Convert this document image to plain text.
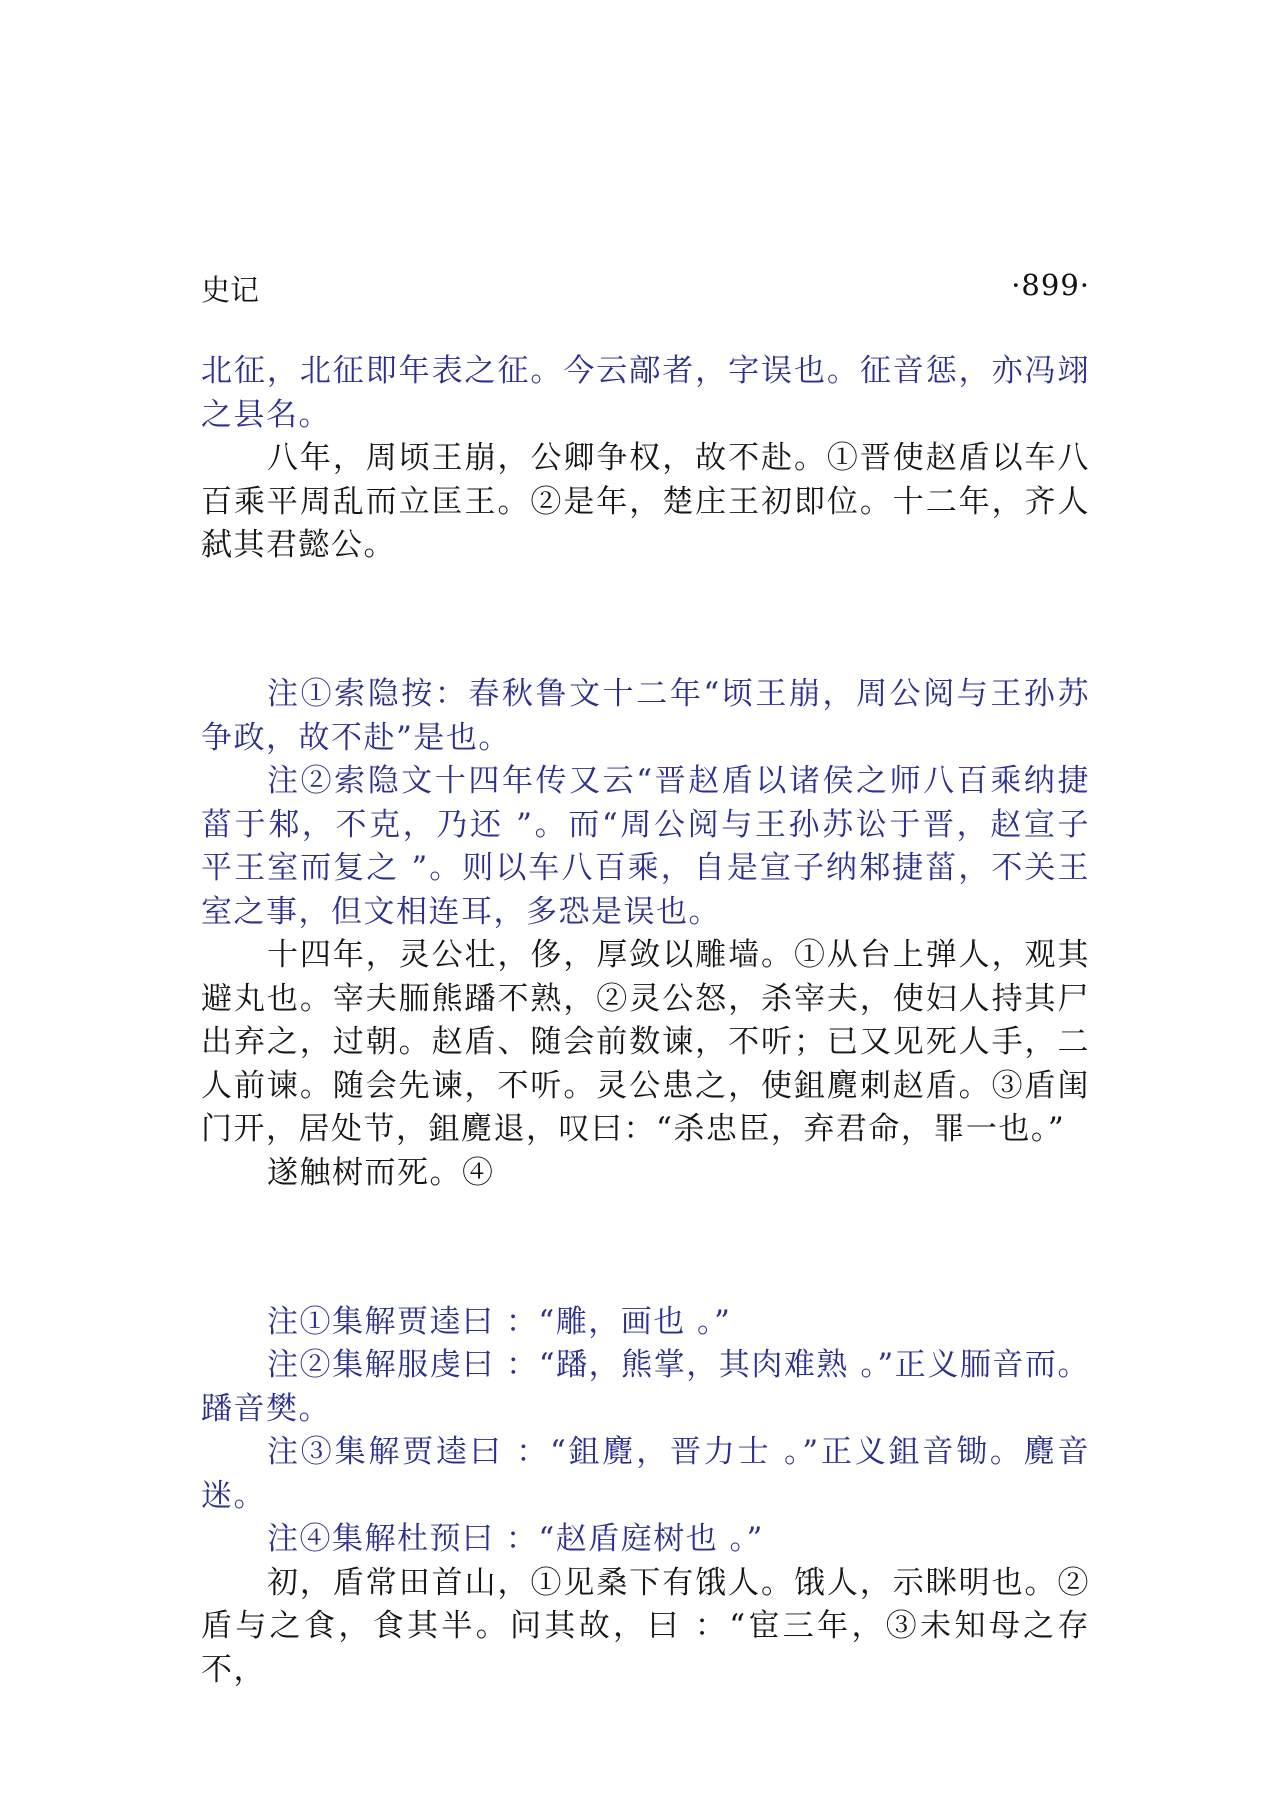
史记	·899·

北征，北征即年表之征。今云鄗者，字误也。征音惩，亦冯翊之县名。

八年，周顷王崩，公卿争权，故不赴。①晋使赵盾以车八百乘平周乱而立匡王。②是年，楚庄王初即位。十二年，齐人弑其君懿公。

注①索隐按：春秋鲁文十二年“顷王崩，周公阅与王孙苏争政，故不赴”是也。

注②索隐文十四年传又云“晋赵盾以诸侯之师八百乘纳捷菑于邾，不克，乃还 ”。而“周公阅与王孙苏讼于晋，赵宣子平王室而复之 ”。则以车八百乘，自是宣子纳邾捷菑，不关王室之事，但文相连耳，多恐是误也。

十四年，灵公壮，侈，厚敛以雕墙。①从台上弹人，观其避丸也。宰夫胹熊蹯不熟，②灵公怒，杀宰夫，使妇人持其尸出弃之，过朝。赵盾、随会前数谏，不听；已又见死人手，二人前谏。随会先谏，不听。灵公患之，使鉏麑刺赵盾。③盾闺门开，居处节，鉏麑退，叹曰：“杀忠臣，弃君命，罪一也。”

遂触树而死。④

注①集解贾逵曰 ：“雕，画也 。”

注②集解服虔曰 ：“蹯，熊掌，其肉难熟 。”正义胹音而。蹯音樊。

注③集解贾逵曰 ：“鉏麑，晋力士 。”正义鉏音锄。麑音迷。

注④集解杜预曰 ：“赵盾庭树也 。”

初，盾常田首山，①见桑下有饿人。饿人，示眯明也。②盾与之食，食其半。问其故，曰 ：“宦三年，③未知母之存不，
